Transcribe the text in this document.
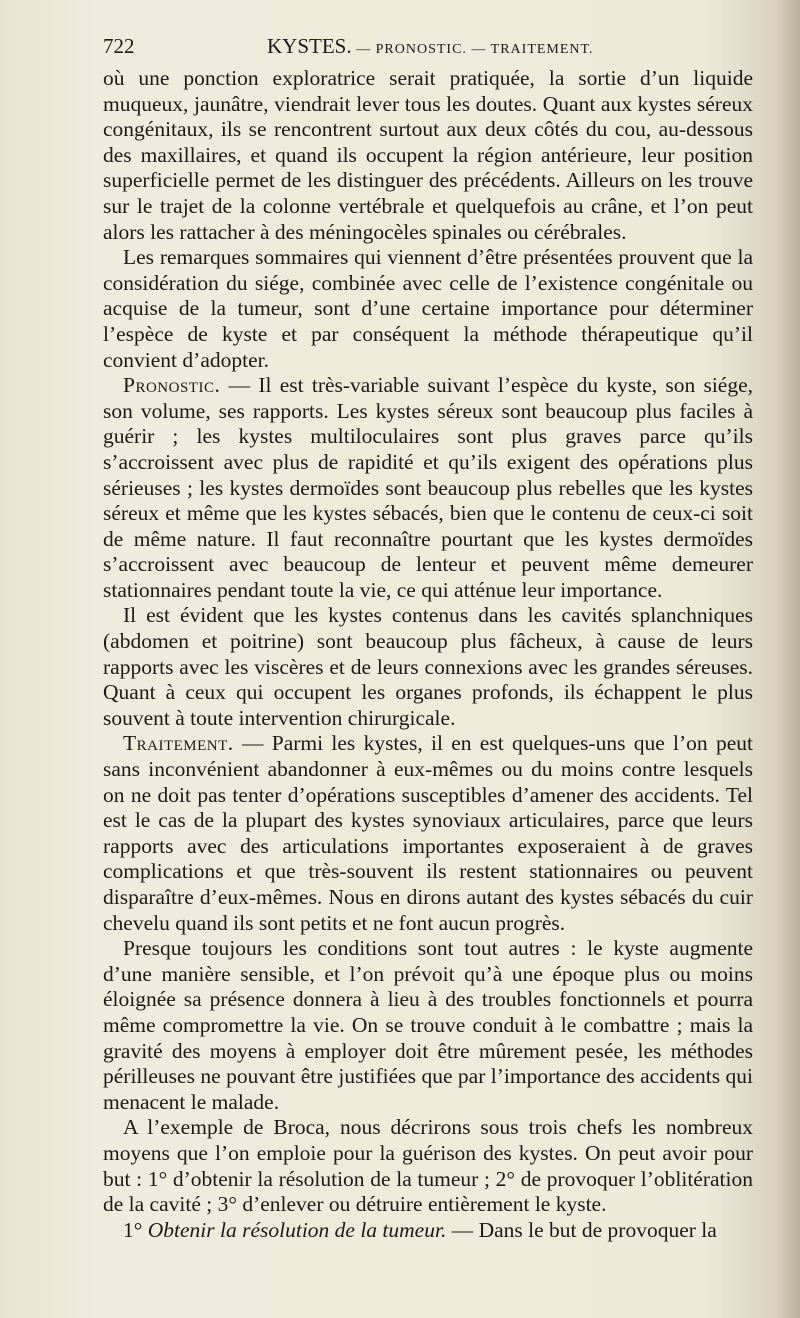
722	KYSTES. — PRONOSTIC. — TRAITEMENT.

où une ponction exploratrice serait pratiquée, la sortie d’un liquide muqueux, jaunâtre, viendrait lever tous les doutes. Quant aux kystes séreux congénitaux, ils se rencontrent surtout aux deux côtés du cou, au-dessous des maxillaires, et quand ils occupent la région antérieure, leur position superficielle permet de les distinguer des précédents. Ailleurs on les trouve sur le trajet de la colonne vertébrale et quelquefois au crâne, et l’on peut alors les rattacher à des méningocèles spinales ou cérébrales.

Les remarques sommaires qui viennent d’être présentées prouvent que la considération du siége, combinée avec celle de l’existence congénitale ou acquise de la tumeur, sont d’une certaine importance pour déterminer l’espèce de kyste et par conséquent la méthode thérapeutique qu’il convient d’adopter.

Pronostic. — Il est très-variable suivant l’espèce du kyste, son siége, son volume, ses rapports. Les kystes séreux sont beaucoup plus faciles à guérir ; les kystes multiloculaires sont plus graves parce qu’ils s’accroissent avec plus de rapidité et qu’ils exigent des opérations plus sérieuses ; les kystes dermoïdes sont beaucoup plus rebelles que les kystes séreux et même que les kystes sébacés, bien que le contenu de ceux-ci soit de même nature. Il faut reconnaître pourtant que les kystes dermoïdes s’accroissent avec beaucoup de lenteur et peuvent même demeurer stationnaires pendant toute la vie, ce qui atténue leur importance.

Il est évident que les kystes contenus dans les cavités splanchniques (abdomen et poitrine) sont beaucoup plus fâcheux, à cause de leurs rapports avec les viscères et de leurs connexions avec les grandes séreuses. Quant à ceux qui occupent les organes profonds, ils échappent le plus souvent à toute intervention chirurgicale.

Traitement. — Parmi les kystes, il en est quelques-uns que l’on peut sans inconvénient abandonner à eux-mêmes ou du moins contre lesquels on ne doit pas tenter d’opérations susceptibles d’amener des accidents. Tel est le cas de la plupart des kystes synoviaux articulaires, parce que leurs rapports avec des articulations importantes exposeraient à de graves complications et que très-souvent ils restent stationnaires ou peuvent disparaître d’eux-mêmes. Nous en dirons autant des kystes sébacés du cuir chevelu quand ils sont petits et ne font aucun progrès.

Presque toujours les conditions sont tout autres : le kyste augmente d’une manière sensible, et l’on prévoit qu’à une époque plus ou moins éloignée sa présence donnera à lieu à des troubles fonctionnels et pourra même compromettre la vie. On se trouve conduit à le combattre ; mais la gravité des moyens à employer doit être mûrement pesée, les méthodes périlleuses ne pouvant être justifiées que par l’importance des accidents qui menacent le malade.

A l’exemple de Broca, nous décrirons sous trois chefs les nombreux moyens que l’on emploie pour la guérison des kystes. On peut avoir pour but : 1° d’obtenir la résolution de la tumeur ; 2° de provoquer l’oblitération de la cavité ; 3° d’enlever ou détruire entièrement le kyste.

1° Obtenir la résolution de la tumeur. — Dans le but de provoquer la
